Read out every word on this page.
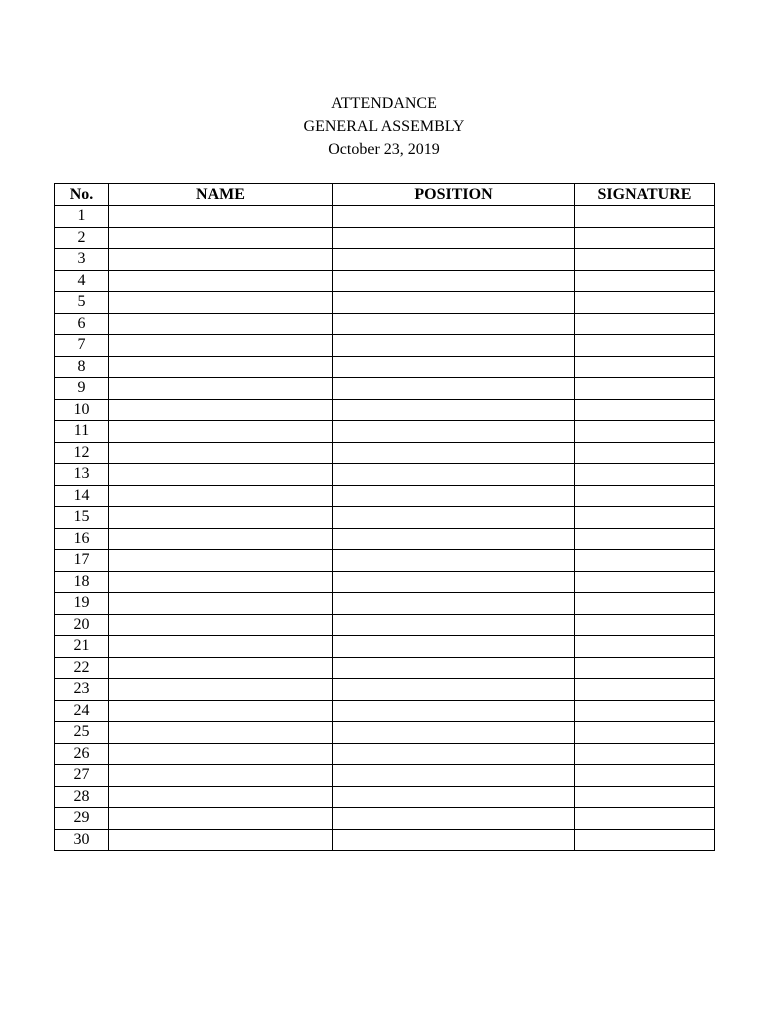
ATTENDANCE
GENERAL ASSEMBLY
October 23, 2019
No.	NAME	POSITION	SIGNATURE
1			
2			
3			
4			
5			
6			
7			
8			
9			
10			
11			
12			
13			
14			
15			
16			
17			
18			
19			
20			
21			
22			
23			
24			
25			
26			
27			
28			
29			
30			
